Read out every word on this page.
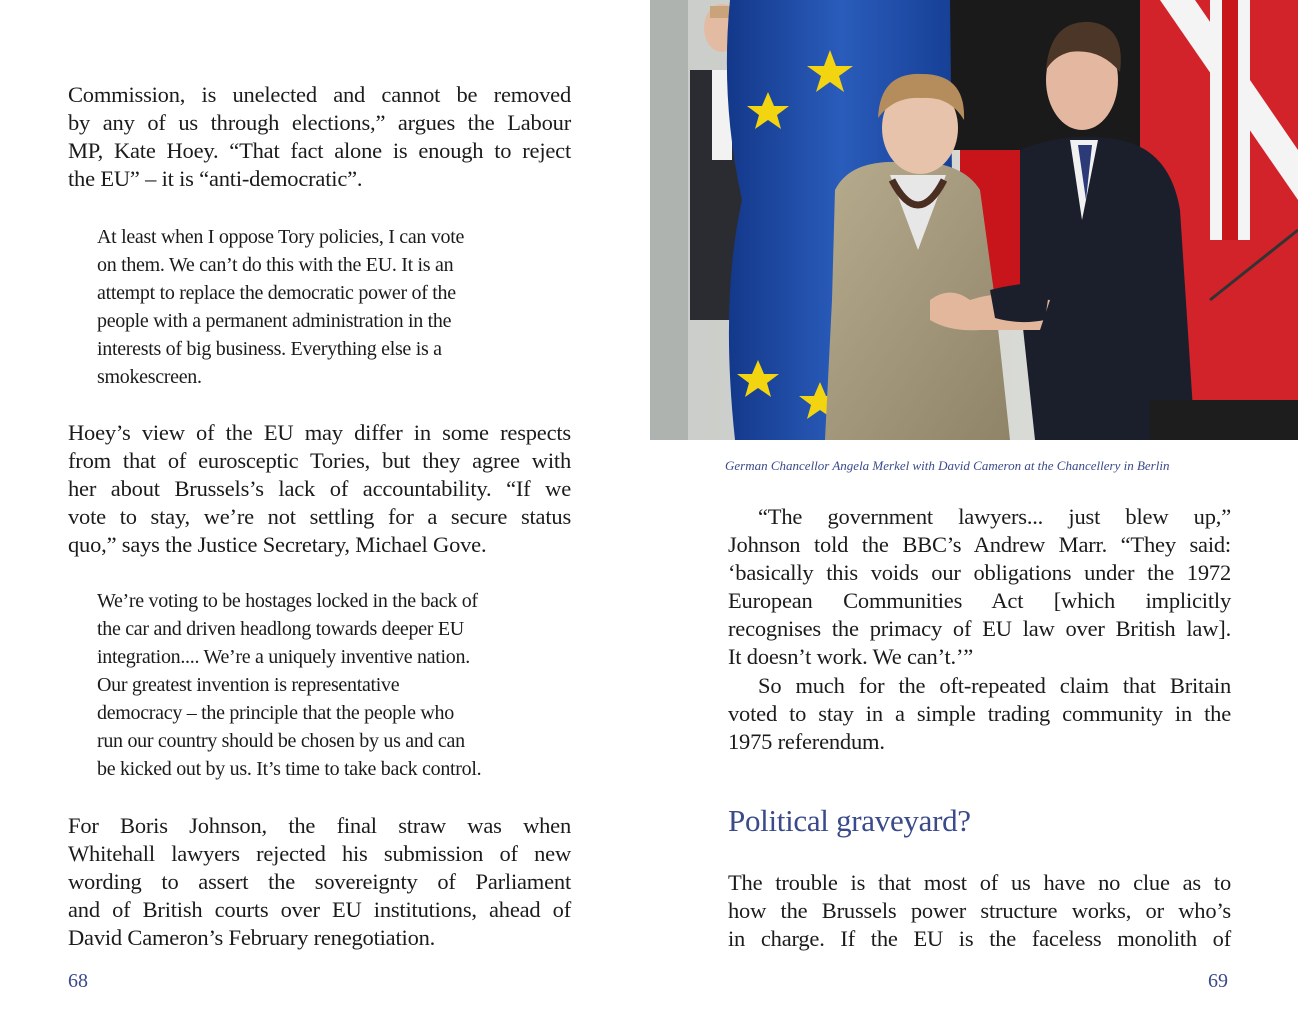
Commission, is unelected and cannot be removed
by any of us through elections,” argues the Labour
MP, Kate Hoey. “That fact alone is enough to reject
the EU” – it is “anti-democratic”.
At least when I oppose Tory policies, I can vote
on them. We can’t do this with the EU. It is an
attempt to replace the democratic power of the
people with a permanent administration in the
interests of big business. Everything else is a
smokescreen.
Hoey’s view of the EU may differ in some respects
from that of eurosceptic Tories, but they agree with
her about Brussels’s lack of accountability. “If we
vote to stay, we’re not settling for a secure status
quo,” says the Justice Secretary, Michael Gove.
We’re voting to be hostages locked in the back of
the car and driven headlong towards deeper EU
integration.... We’re a uniquely inventive nation.
Our greatest invention is representative
democracy – the principle that the people who
run our country should be chosen by us and can
be kicked out by us. It’s time to take back control.
For Boris Johnson, the final straw was when
Whitehall lawyers rejected his submission of new
wording to assert the sovereignty of Parliament
and of British courts over EU institutions, ahead of
David Cameron’s February renegotiation.
68
German Chancellor Angela Merkel with David Cameron at the Chancellery in Berlin
“The government lawyers... just blew up,”
Johnson told the BBC’s Andrew Marr. “They said:
‘basically this voids our obligations under the 1972
European Communities Act [which implicitly
recognises the primacy of EU law over British law].
It doesn’t work. We can’t.’”
So much for the oft-repeated claim that Britain
voted to stay in a simple trading community in the
1975 referendum.
Political graveyard?
The trouble is that most of us have no clue as to
how the Brussels power structure works, or who’s
in charge. If the EU is the faceless monolith of
69
